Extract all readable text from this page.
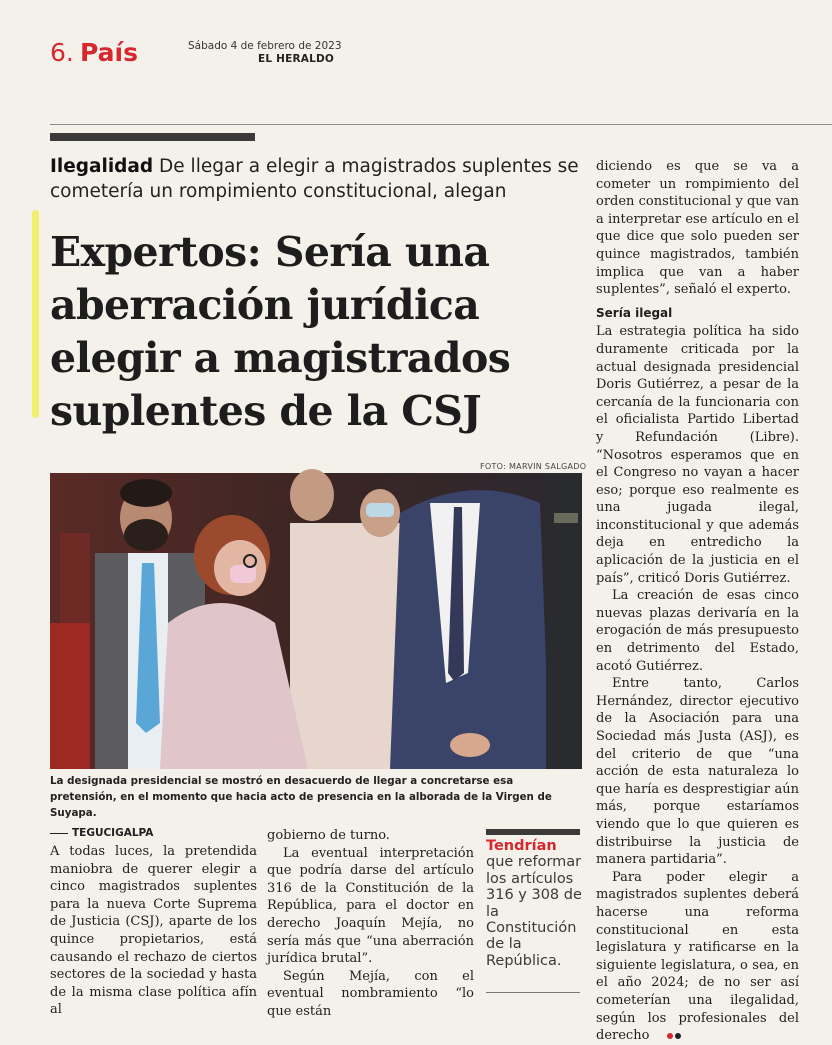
6. País	Sábado 4 de febrero de 2023
EL HERALDO
Ilegalidad De llegar a elegir a magistrados suplentes se cometería un rompimiento constitucional, alegan
Expertos: Sería una aberración jurídica elegir a magistrados suplentes de la CSJ
FOTO: MARVIN SALGADO
La designada presidencial se mostró en desacuerdo de llegar a concretarse esa pretensión, en el momento que hacia acto de presencia en la alborada de la Virgen de Suyapa.
TEGUCIGALPA

A todas luces, la pretendida maniobra de querer elegir a cinco magistrados suplentes para la nueva Corte Suprema de Justicia (CSJ), aparte de los quince propietarios, está causando el rechazo de ciertos sectores de la sociedad y hasta de la misma clase política afín al

gobierno de turno.

La eventual interpretación que podría darse del artículo 316 de la Constitución de la República, para el doctor en derecho Joaquín Mejía, no sería más que “una aberración jurídica brutal”.

Según Mejía, con el eventual nombramiento “lo que están

Tendrían que reformar los artículos 316 y 308 de la Constitución de la República.

diciendo es que se va a cometer un rompimiento del orden constitucional y que van a interpretar ese artículo en el que dice que solo pueden ser quince magistrados, también implica que van a haber suplentes”, señaló el experto.

Sería ilegal

La estrategia política ha sido duramente criticada por la actual designada presidencial Doris Gutiérrez, a pesar de la cercanía de la funcionaria con el oficialista Partido Libertad y Refundación (Libre). “Nosotros esperamos que en el Congreso no vayan a hacer eso; porque eso realmente es una jugada ilegal, inconstitucional y que además deja en entredicho la aplicación de la justicia en el país”, criticó Doris Gutiérrez.

La creación de esas cinco nuevas plazas derivaría en la erogación de más presupuesto en detrimento del Estado, acotó Gutiérrez.

Entre tanto, Carlos Hernández, director ejecutivo de la Asociación para una Sociedad más Justa (ASJ), es del criterio de que “una acción de esta naturaleza lo que haría es desprestigiar aún más, porque estaríamos viendo que lo que quieren es distribuirse la justicia de manera partidaria”.

Para poder elegir a magistrados suplentes deberá hacerse una reforma constitucional en esta legislatura y ratificarse en la siguiente legislatura, o sea, en el año 2024; de no ser así cometerían una ilegalidad, según los profesionales del derecho
